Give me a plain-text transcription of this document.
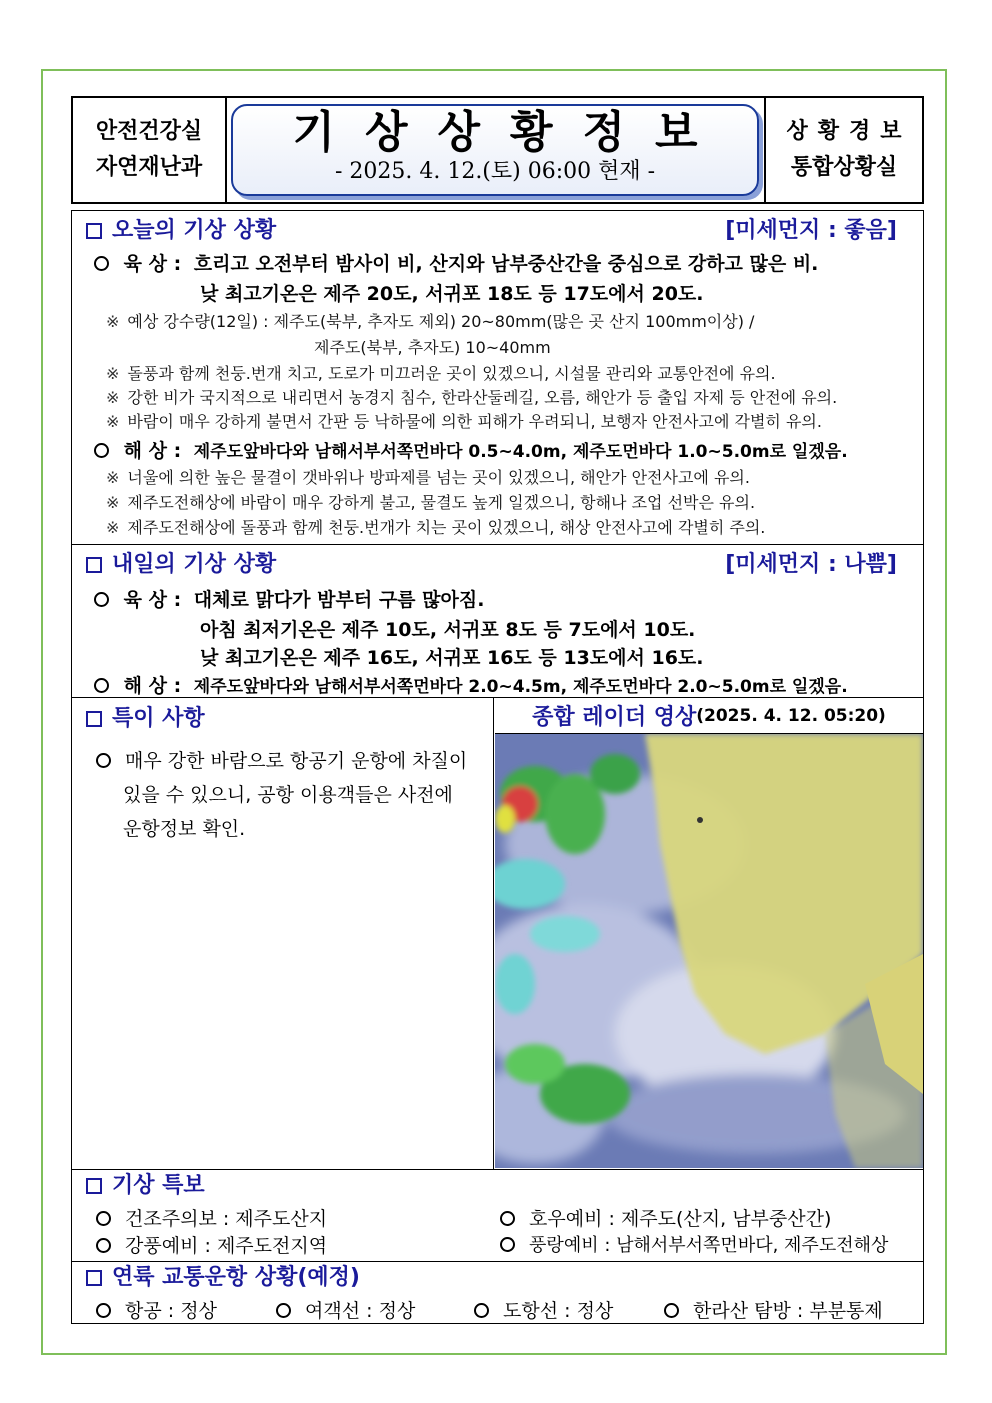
안전건강실
자연재난과
기상상황정보
- 2025. 4. 12.(토) 06:00 현재 -
상황경보
통합상황실
오늘의 기상 상황	[미세먼지 : 좋음]
육 상 : 흐리고 오전부터 밤사이 비, 산지와 남부중산간을 중심으로 강하고 많은 비.
낮 최고기온은 제주 20도, 서귀포 18도 등 17도에서 20도.
※ 예상 강수량(12일) : 제주도(북부, 추자도 제외) 20~80mm(많은 곳 산지 100mm이상) /
제주도(북부, 추자도) 10~40mm
※ 돌풍과 함께 천둥.번개 치고, 도로가 미끄러운 곳이 있겠으니, 시설물 관리와 교통안전에 유의.
※ 강한 비가 국지적으로 내리면서 농경지 침수, 한라산둘레길, 오름, 해안가 등 출입 자제 등 안전에 유의.
※ 바람이 매우 강하게 불면서 간판 등 낙하물에 의한 피해가 우려되니, 보행자 안전사고에 각별히 유의.
해 상 : 제주도앞바다와 남해서부서쪽먼바다 0.5~4.0m, 제주도먼바다 1.0~5.0m로 일겠음.
※ 너울에 의한 높은 물결이 갯바위나 방파제를 넘는 곳이 있겠으니, 해안가 안전사고에 유의.
※ 제주도전해상에 바람이 매우 강하게 불고, 물결도 높게 일겠으니, 항해나 조업 선박은 유의.
※ 제주도전해상에 돌풍과 함께 천둥.번개가 치는 곳이 있겠으니, 해상 안전사고에 각별히 주의.
내일의 기상 상황	[미세먼지 : 나쁨]
육 상 : 대체로 맑다가 밤부터 구름 많아짐.
아침 최저기온은 제주 10도, 서귀포 8도 등 7도에서 10도.
낮 최고기온은 제주 16도, 서귀포 16도 등 13도에서 16도.
해 상 : 제주도앞바다와 남해서부서쪽먼바다 2.0~4.5m, 제주도먼바다 2.0~5.0m로 일겠음.
특이 사항
매우 강한 바람으로 항공기 운항에 차질이
있을 수 있으니, 공항 이용객들은 사전에
운항정보 확인.
종합 레이더 영상 (2025. 4. 12. 05:20)
기상 특보
건조주의보 : 제주도산지	호우예비 : 제주도(산지, 남부중산간)
강풍예비 : 제주도전지역	풍랑예비 : 남해서부서쪽먼바다, 제주도전해상
연륙 교통운항 상황(예정)
항공 : 정상	여객선 : 정상	도항선 : 정상	한라산 탐방 : 부분통제
